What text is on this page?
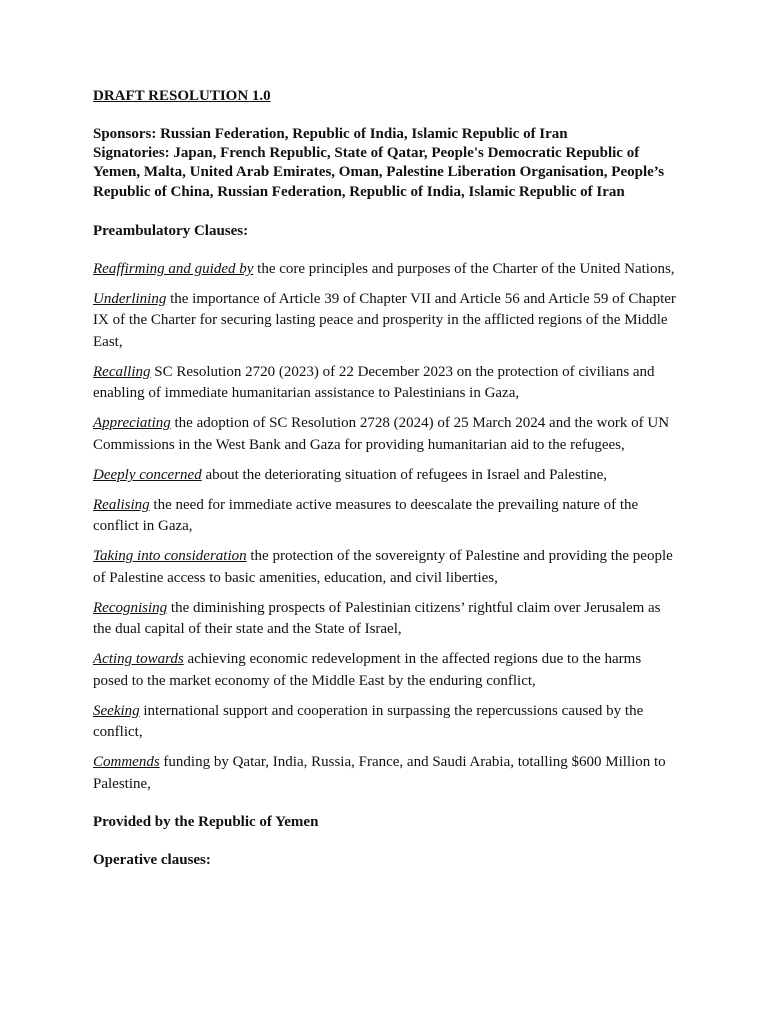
DRAFT RESOLUTION 1.0

Sponsors: Russian Federation, Republic of India, Islamic Republic of Iran

Signatories: Japan, French Republic, State of Qatar, People's Democratic Republic of Yemen, Malta, United Arab Emirates, Oman, Palestine Liberation Organisation, People’s Republic of China, Russian Federation, Republic of India, Islamic Republic of Iran

Preambulatory Clauses:

Reaffirming and guided by the core principles and purposes of the Charter of the United Nations,

Underlining the importance of Article 39 of Chapter VII and Article 56 and Article 59 of Chapter IX of the Charter for securing lasting peace and prosperity in the afflicted regions of the Middle East,

Recalling SC Resolution 2720 (2023) of 22 December 2023 on the protection of civilians and enabling of immediate humanitarian assistance to Palestinians in Gaza,

Appreciating the adoption of SC Resolution 2728 (2024) of 25 March 2024 and the work of UN Commissions in the West Bank and Gaza for providing humanitarian aid to the refugees,

Deeply concerned about the deteriorating situation of refugees in Israel and Palestine,

Realising the need for immediate active measures to deescalate the prevailing nature of the conflict in Gaza,

Taking into consideration the protection of the sovereignty of Palestine and providing the people of Palestine access to basic amenities, education, and civil liberties,

Recognising the diminishing prospects of Palestinian citizens’ rightful claim over Jerusalem as the dual capital of their state and the State of Israel,

Acting towards achieving economic redevelopment in the affected regions due to the harms posed to the market economy of the Middle East by the enduring conflict,

Seeking international support and cooperation in surpassing the repercussions caused by the conflict,

Commends funding by Qatar, India, Russia, France, and Saudi Arabia, totalling $600 Million to Palestine,

Provided by the Republic of Yemen

Operative clauses:
